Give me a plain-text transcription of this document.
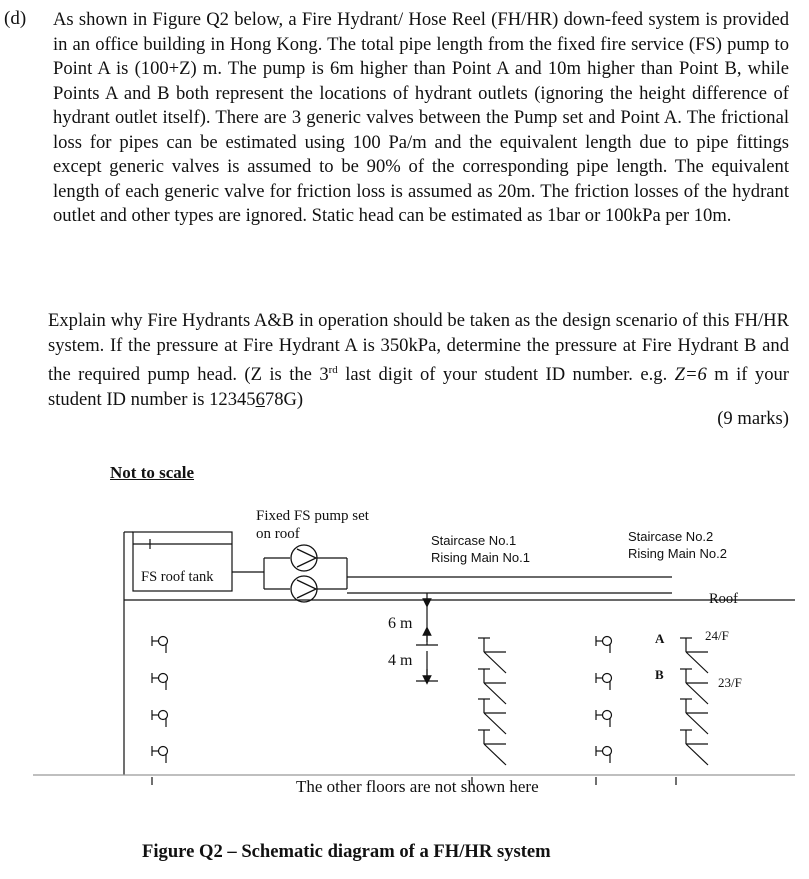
(d) As shown in Figure Q2 below, a Fire Hydrant/ Hose Reel (FH/HR) down-feed system is provided in an office building in Hong Kong. The total pipe length from the fixed fire service (FS) pump to Point A is (100+Z) m. The pump is 6m higher than Point A and 10m higher than Point B, while Points A and B both represent the locations of hydrant outlets (ignoring the height difference of hydrant outlet itself). There are 3 generic valves between the Pump set and Point A. The frictional loss for pipes can be estimated using 100 Pa/m and the equivalent length due to pipe fittings except generic valves is assumed to be 90% of the corresponding pipe length. The equivalent length of each generic valve for friction loss is assumed as 20m. The friction losses of the hydrant outlet and other types are ignored. Static head can be estimated as 1bar or 100kPa per 10m.
Explain why Fire Hydrants A&B in operation should be taken as the design scenario of this FH/HR system. If the pressure at Fire Hydrant A is 350kPa, determine the pressure at Fire Hydrant B and the required pump head. (Z is the 3rd last digit of your student ID number. e.g. Z=6 m if your student ID number is 12345678G)
(9 marks)
Not to scale
Fixed FS pump set on roof	Staircase No.1 Rising Main No.1
Staircase No.2 Rising Main No.2
FS roof tank
Roof
6 m
4 m
A
B
24/F
23/F
The other floors are not shown here
Figure Q2 – Schematic diagram of a FH/HR system
